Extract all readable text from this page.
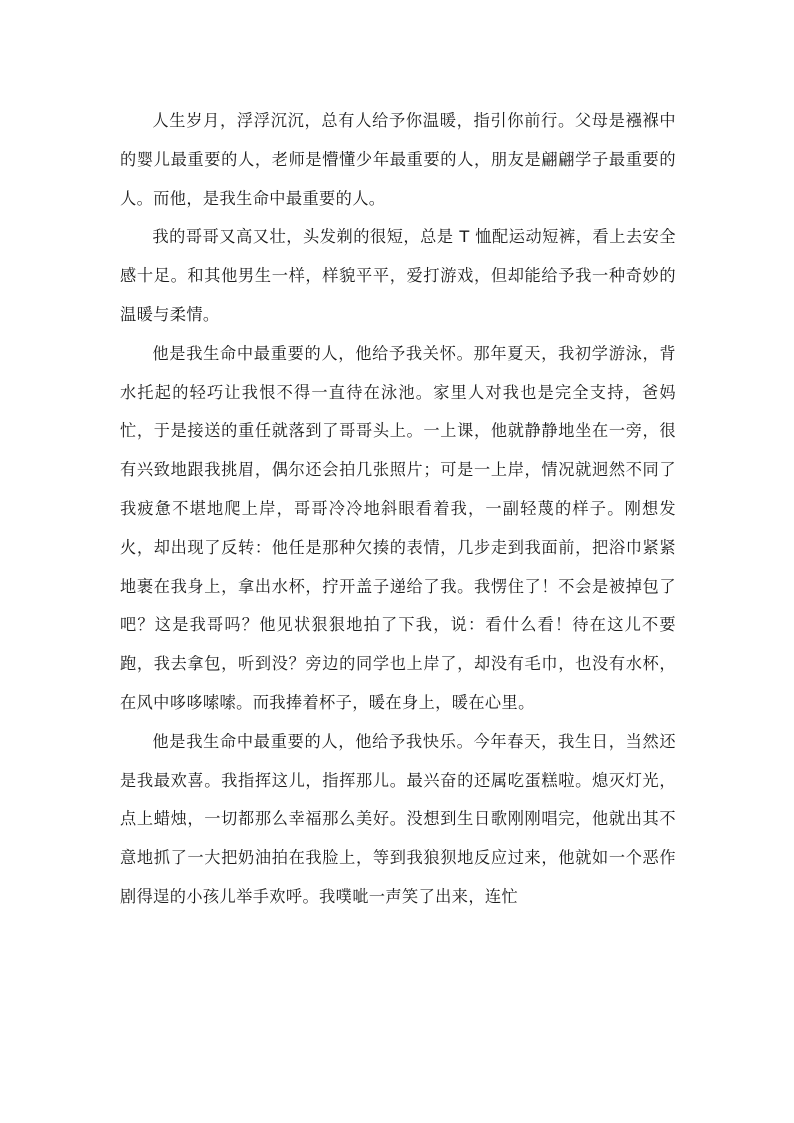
人生岁月，浮浮沉沉，总有人给予你温暖，指引你前行。父母是襁褓中的婴儿最重要的人，老师是懵懂少年最重要的人，朋友是翩翩学子最重要的人。而他，是我生命中最重要的人。

我的哥哥又高又壮，头发剃的很短，总是 T 恤配运动短裤，看上去安全感十足。和其他男生一样，样貌平平，爱打游戏，但却能给予我一种奇妙的温暖与柔情。

他是我生命中最重要的人，他给予我关怀。那年夏天，我初学游泳，背水托起的轻巧让我恨不得一直待在泳池。家里人对我也是完全支持，爸妈忙，于是接送的重任就落到了哥哥头上。一上课，他就静静地坐在一旁，很有兴致地跟我挑眉，偶尔还会拍几张照片；可是一上岸，情况就迥然不同了我疲惫不堪地爬上岸，哥哥冷冷地斜眼看着我，一副轻蔑的样子。刚想发火，却出现了反转：他任是那种欠揍的表情，几步走到我面前，把浴巾紧紧地裹在我身上，拿出水杯，拧开盖子递给了我。我愣住了！不会是被掉包了吧？这是我哥吗？他见状狠狠地拍了下我，说：看什么看！待在这儿不要跑，我去拿包，听到没？旁边的同学也上岸了，却没有毛巾，也没有水杯，在风中哆哆嗦嗦。而我捧着杯子，暖在身上，暖在心里。

他是我生命中最重要的人，他给予我快乐。今年春天，我生日，当然还是我最欢喜。我指挥这儿，指挥那儿。最兴奋的还属吃蛋糕啦。熄灭灯光，点上蜡烛，一切都那么幸福那么美好。没想到生日歌刚刚唱完，他就出其不意地抓了一大把奶油拍在我脸上，等到我狼狈地反应过来，他就如一个恶作剧得逞的小孩儿举手欢呼。我噗呲一声笑了出来，连忙
